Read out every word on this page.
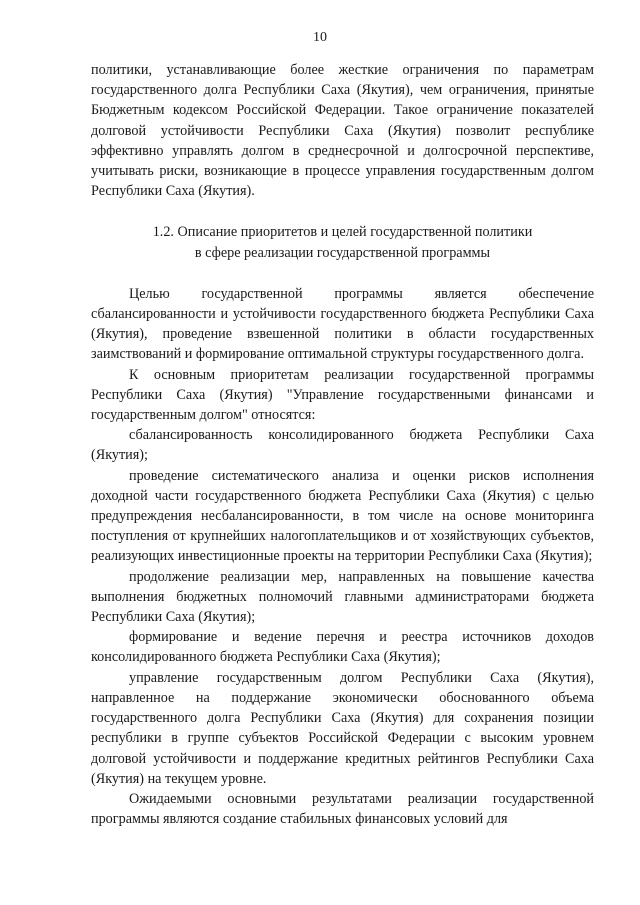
10

политики, устанавливающие более жесткие ограничения по параметрам государственного долга Республики Саха (Якутия), чем ограничения, принятые Бюджетным кодексом Российской Федерации. Такое ограничение показателей долговой устойчивости Республики Саха (Якутия) позволит республике эффективно управлять долгом в среднесрочной и долгосрочной перспективе, учитывать риски, возникающие в процессе управления государственным долгом Республики Саха (Якутия).

1.2. Описание приоритетов и целей государственной политики
в сфере реализации государственной программы

Целью государственной программы является обеспечение сбалансированности и устойчивости государственного бюджета Республики Саха (Якутия), проведение взвешенной политики в области государственных заимствований и формирование оптимальной структуры государственного долга.

К основным приоритетам реализации государственной программы Республики Саха (Якутия) "Управление государственными финансами и государственным долгом" относятся:

сбалансированность консолидированного бюджета Республики Саха (Якутия);

проведение систематического анализа и оценки рисков исполнения доходной части государственного бюджета Республики Саха (Якутия) с целью предупреждения несбалансированности, в том числе на основе мониторинга поступления от крупнейших налогоплательщиков и от хозяйствующих субъектов, реализующих инвестиционные проекты на территории Республики Саха (Якутия);

продолжение реализации мер, направленных на повышение качества выполнения бюджетных полномочий главными администраторами бюджета Республики Саха (Якутия);

формирование и ведение перечня и реестра источников доходов консолидированного бюджета Республики Саха (Якутия);

управление государственным долгом Республики Саха (Якутия), направленное на поддержание экономически обоснованного объема государственного долга Республики Саха (Якутия) для сохранения позиции республики в группе субъектов Российской Федерации с высоким уровнем долговой устойчивости и поддержание кредитных рейтингов Республики Саха (Якутия) на текущем уровне.

Ожидаемыми основными результатами реализации государственной программы являются создание стабильных финансовых условий для
